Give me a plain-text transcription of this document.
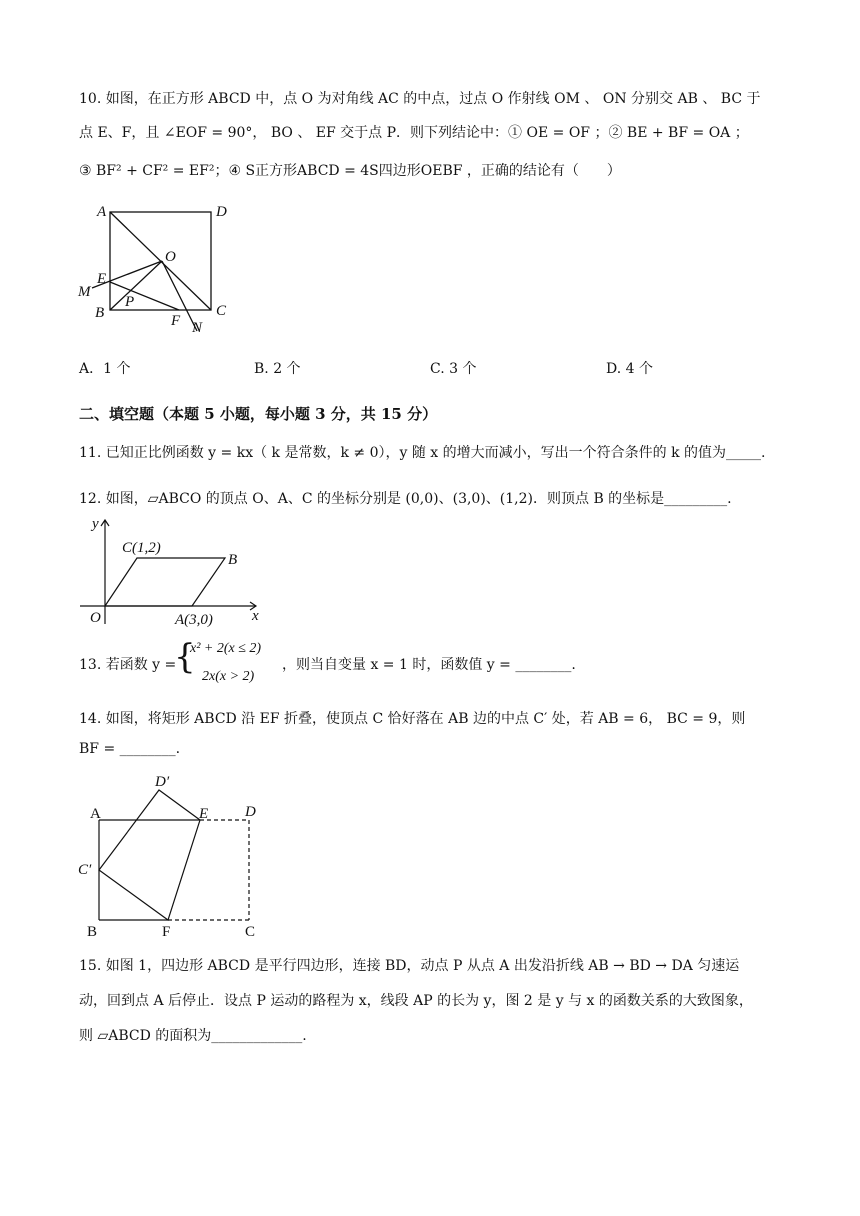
10. 如图，在正方形 ABCD 中，点 O 为对角线 AC 的中点，过点 O 作射线 OM 、 ON 分别交 AB 、 BC 于
点 E、F，且 ∠EOF = 90°， BO 、 EF 交于点 P．则下列结论中：① OE = OF ；② BE + BF = OA ；
③ BF² + CF² = EF²；④ S正方形ABCD = 4S四边形OEBF ，正确的结论有（　　）
A	D
O
E
M
P
B	F N
C
A．1 个	B. 2 个	C. 3 个	D. 4 个
二、填空题（本题 5 小题，每小题 3 分，共 15 分）
11. 已知正比例函数 y = kx（ k 是常数，k ≠ 0），y 随 x 的增大而减小，写出一个符合条件的 k 的值为_____.
12. 如图，▱ABCO 的顶点 O、A、C 的坐标分别是 (0,0)、(3,0)、(1,2)．则顶点 B 的坐标是_________.
y
C(1,2)
B
O	A(3,0)	x
13. 若函数 y =
{
x² + 2(x ≤ 2)
2x(x > 2)
，则当自变量 x = 1 时，函数值 y = ________.
14. 如图，将矩形 ABCD 沿 EF 折叠，使顶点 C 恰好落在 AB 边的中点 C′ 处，若 AB = 6， BC = 9，则
BF = ________.
D′
A	E D
C′
B	F	C
15. 如图 1，四边形 ABCD 是平行四边形，连接 BD，动点 P 从点 A 出发沿折线 AB → BD → DA 匀速运
动，回到点 A 后停止．设点 P 运动的路程为 x，线段 AP 的长为 y，图 2 是 y 与 x 的函数关系的大致图象，
则 ▱ABCD 的面积为_____________.
